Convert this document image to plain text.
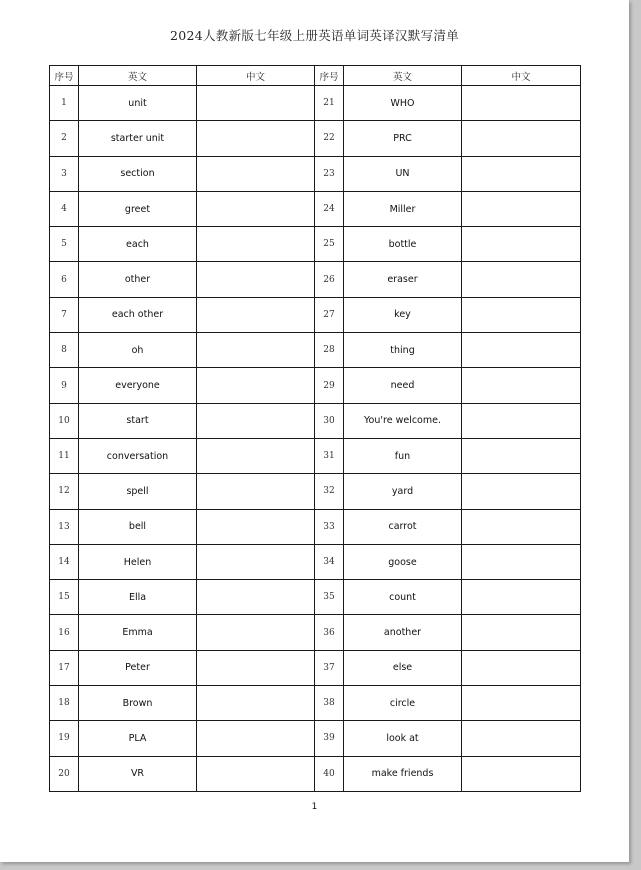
2024人教新版七年级上册英语单词英译汉默写清单
序号	英文	中文	序号	英文	中文
1	unit		21	WHO	
2	starter unit		22	PRC	
3	section		23	UN	
4	greet		24	Miller	
5	each		25	bottle	
6	other		26	eraser	
7	each other		27	key	
8	oh		28	thing	
9	everyone		29	need	
10	start		30	You're welcome.	
11	conversation		31	fun	
12	spell		32	yard	
13	bell		33	carrot	
14	Helen		34	goose	
15	Ella		35	count	
16	Emma		36	another	
17	Peter		37	else	
18	Brown		38	circle	
19	PLA		39	look at	
20	VR		40	make friends	
1
